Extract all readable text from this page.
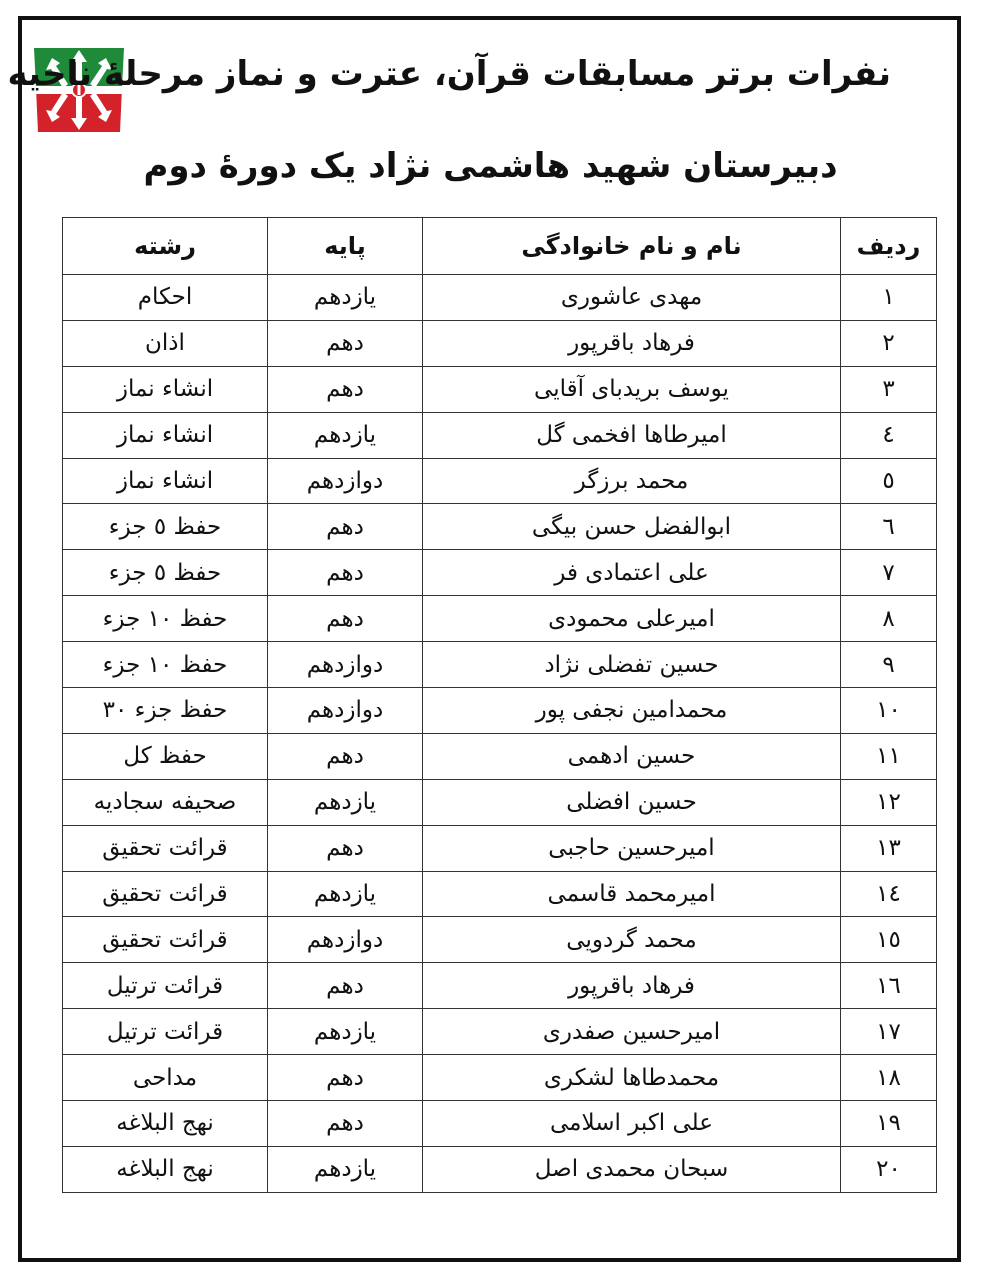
نفرات برتر مسابقات قرآن، عترت و نماز مرحلهٔ ناحیه
دبیرستان شهید هاشمی نژاد یک دورهٔ دوم
ردیف	نام و نام خانوادگی	پایه	رشته
۱	مهدی عاشوری	یازدهم	احکام
۲	فرهاد باقرپور	دهم	اذان
۳	یوسف بریدبای آقایی	دهم	انشاء نماز
٤	امیرطاها افخمی گل	یازدهم	انشاء نماز
٥	محمد برزگر	دوازدهم	انشاء نماز
٦	ابوالفضل حسن بیگی	دهم	حفظ ٥ جزء
۷	علی اعتمادی فر	دهم	حفظ ٥ جزء
۸	امیرعلی محمودی	دهم	حفظ ۱۰ جزء
۹	حسین تفضلی نژاد	دوازدهم	حفظ ۱۰ جزء
۱۰	محمدامین نجفی پور	دوازدهم	حفظ جزء ۳۰
۱۱	حسین ادهمی	دهم	حفظ کل
۱۲	حسین افضلی	یازدهم	صحیفه سجادیه
۱۳	امیرحسین حاجبی	دهم	قرائت تحقیق
۱٤	امیرمحمد قاسمی	یازدهم	قرائت تحقیق
۱٥	محمد گردویی	دوازدهم	قرائت تحقیق
۱٦	فرهاد باقرپور	دهم	قرائت ترتیل
۱۷	امیرحسین صفدری	یازدهم	قرائت ترتیل
۱۸	محمدطاها لشکری	دهم	مداحی
۱۹	علی اکبر اسلامی	دهم	نهج البلاغه
۲۰	سبحان محمدی اصل	یازدهم	نهج البلاغه
